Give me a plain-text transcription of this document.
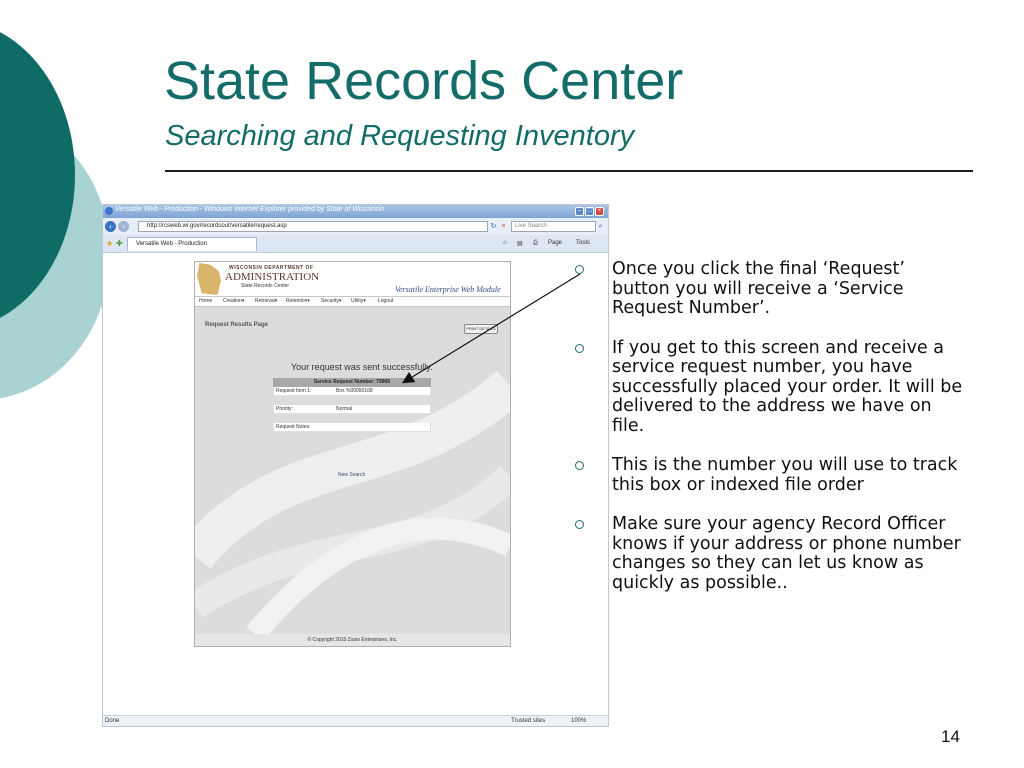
State Records Center
Searching and Requesting Inventory
Versatile Web - Production - Windows Internet Explorer provided by State of Wisconsin	–	□	×
‹	›	http://rcsweb.wi.gov/recordsout/versatile/request.asp	↻ ×	Live Search	⌕
★ ✚	Versatile Web - Production	⌂ ▤ ⎙ Page Tools
WISCONSIN DEPARTMENT OF
ADMINISTRATION
State Records Center	Versatile Enterprise Web Module
Home Creation▾ Retrieval▾ Retention▾ Security▾ Utility▾ Logout
Request Results Page
PRINT DETAILS
Your request was sent successfully.
Service Request Number: 79909
Request Item 1:	Box %00090168
Priority:	Normal
Request Notes:
New Search
© Copyright 2010 Zasio Enterprises, Inc.
Done	Trusted sites	100%
Once you click the final ‘Request’ button you will receive a ‘Service Request Number’.
If you get to this screen and receive a service request number, you have successfully placed your order. It will be delivered to the address we have on file.
This is the number you will use to track this box or indexed file order
Make sure your agency Record Officer knows if your address or phone number changes so they can let us know as quickly as possible..
14
